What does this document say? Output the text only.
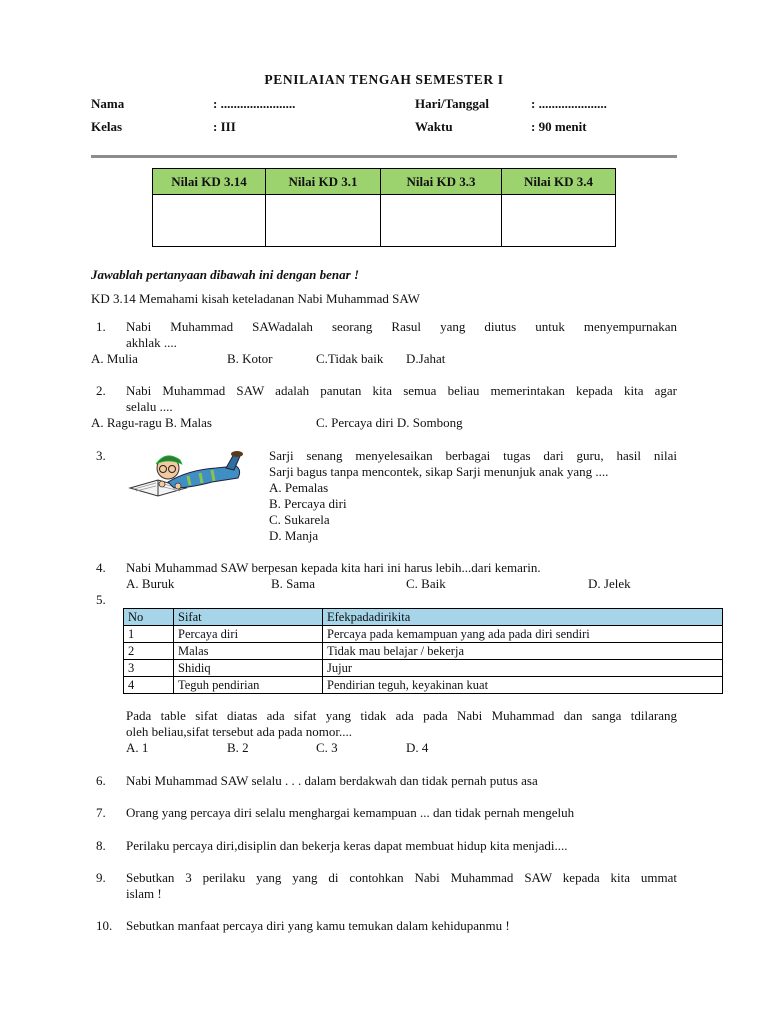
PENILAIAN TENGAH SEMESTER I
Nama	: .......................	Hari/Tanggal	: .....................
Kelas	: III	Waktu	: 90 menit
Nilai KD 3.14	Nilai KD 3.1	Nilai KD 3.3	Nilai KD 3.4

Jawablah pertanyaan dibawah ini dengan benar !
KD 3.14 Memahami kisah keteladanan Nabi Muhammad SAW
1. Nabi Muhammad SAWadalah seorang Rasul yang diutus untuk menyempurnakan
akhlak ....
A. Mulia	B. Kotor	C.Tidak baik D.Jahat
2. Nabi Muhammad SAW adalah panutan kita semua beliau memerintakan kepada kita agar
selalu ....
A. Ragu-ragu B. Malas	C. Percaya diri D. Sombong
3.	Sarji senang menyelesaikan berbagai tugas dari guru, hasil nilai
Sarji bagus tanpa mencontek, sikap Sarji menunjuk anak yang ....
A. Pemalas
B. Percaya diri
C. Sukarela
D. Manja
4. Nabi Muhammad SAW berpesan kepada kita hari ini harus lebih...dari kemarin.
A. Buruk	B. Sama	C. Baik	D. Jelek
5.
No	Sifat	Efekpadadirikita
1	Percaya diri	Percaya pada kemampuan yang ada pada diri sendiri
2	Malas	Tidak mau belajar / bekerja
3	Shidiq	Jujur
4	Teguh pendirian	Pendirian teguh, keyakinan kuat
Pada table sifat diatas ada sifat yang tidak ada pada Nabi Muhammad dan sanga tdilarang
oleh beliau,sifat tersebut ada pada nomor....
A. 1	B. 2	C. 3	D. 4
6. Nabi Muhammad SAW selalu . . . dalam berdakwah dan tidak pernah putus asa
7. Orang yang percaya diri selalu menghargai kemampuan ... dan tidak pernah mengeluh
8. Perilaku percaya diri,disiplin dan bekerja keras dapat membuat hidup kita menjadi....
9. Sebutkan 3 perilaku yang yang di contohkan Nabi Muhammad SAW kepada kita ummat
islam !
10. Sebutkan manfaat percaya diri yang kamu temukan dalam kehidupanmu !
